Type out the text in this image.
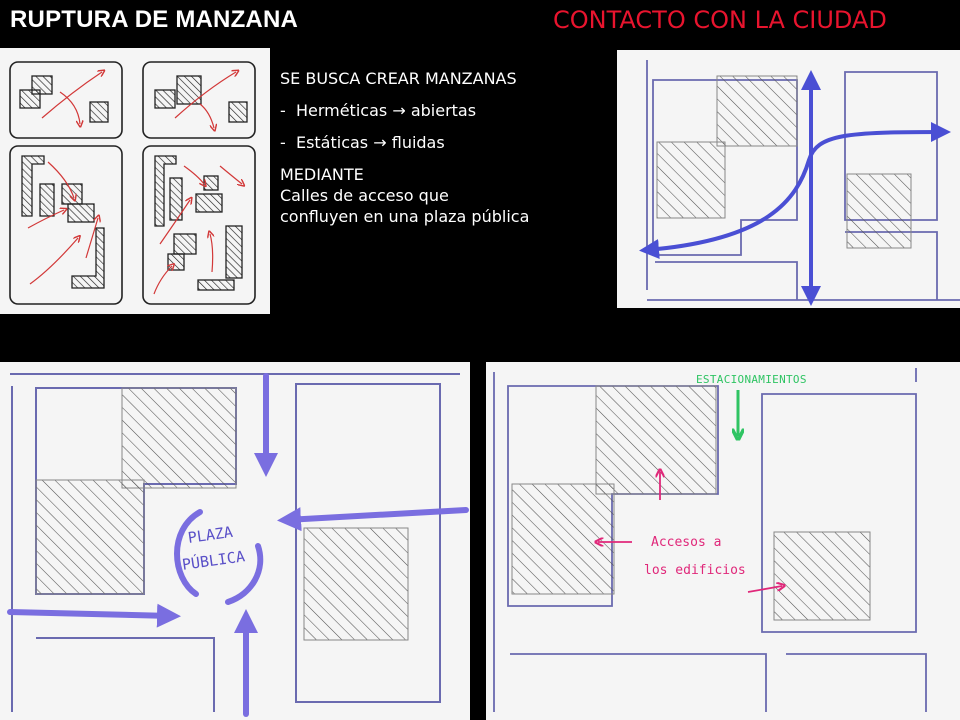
RUPTURA DE MANZANA	CONTACTO CON LA CIUDAD

SE BUSCA CREAR MANZANAS

- Herméticas → abiertas

- Estáticas → fluidas

MEDIANTE

Calles de acceso que

confluyen en una plaza pública

PLAZA
PÚBLICA
ESTACIONAMIENTOS
Accesos a
los edificios
